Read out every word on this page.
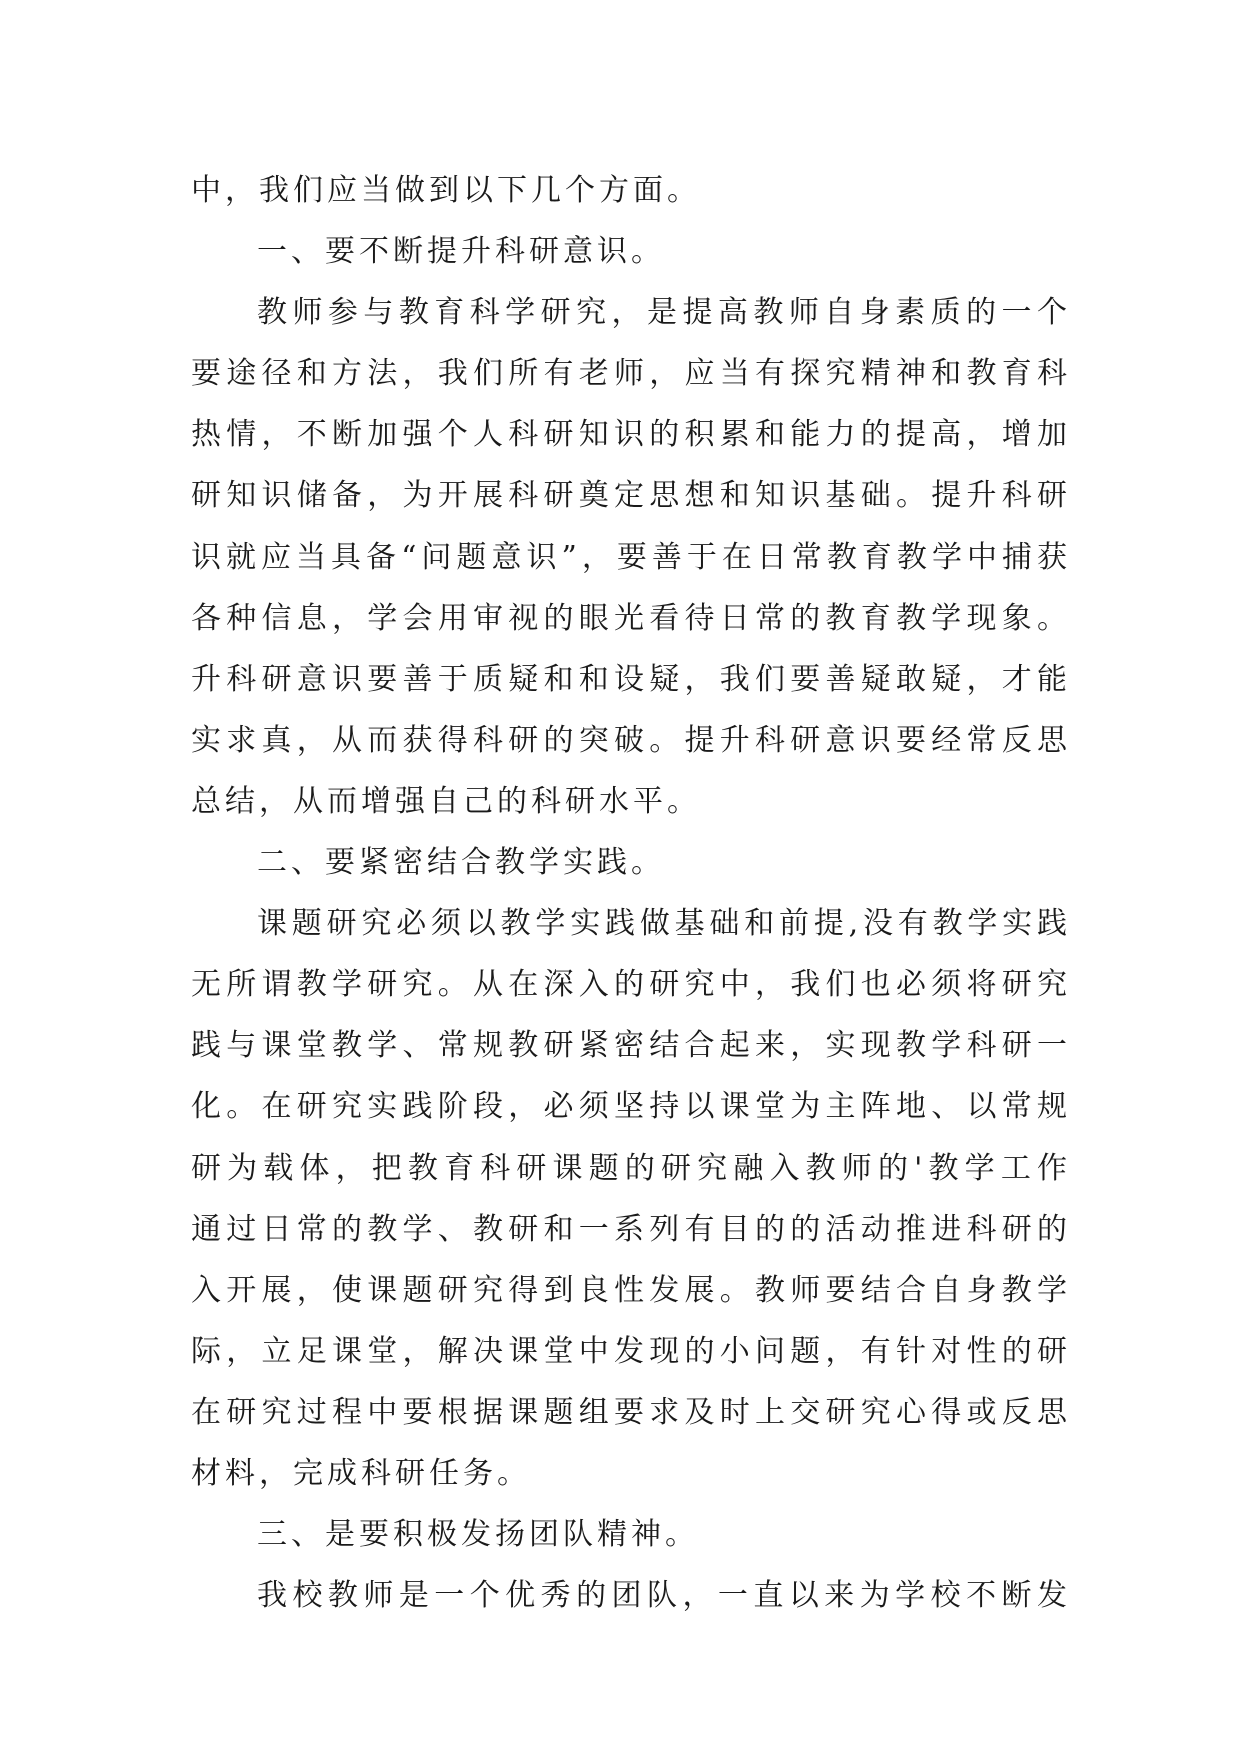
中，我们应当做到以下几个方面。
一、要不断提升科研意识。
教师参与教育科学研究，是提高教师自身素质的一个
要途径和方法，我们所有老师，应当有探究精神和教育科
热情，不断加强个人科研知识的积累和能力的提高，增加
研知识储备，为开展科研奠定思想和知识基础。提升科研
识就应当具备“问题意识”，要善于在日常教育教学中捕获
各种信息，学会用审视的眼光看待日常的教育教学现象。
升科研意识要善于质疑和和设疑，我们要善疑敢疑，才能
实求真，从而获得科研的突破。提升科研意识要经常反思
总结，从而增强自己的科研水平。
二、要紧密结合教学实践。
课题研究必须以教学实践做基础和前提,没有教学实践
无所谓教学研究。从在深入的研究中，我们也必须将研究
践与课堂教学、常规教研紧密结合起来，实现教学科研一
化。在研究实践阶段，必须坚持以课堂为主阵地、以常规
研为载体，把教育科研课题的研究融入教师的'教学工作
通过日常的教学、教研和一系列有目的的活动推进科研的
入开展，使课题研究得到良性发展。教师要结合自身教学
际，立足课堂，解决课堂中发现的小问题，有针对性的研
在研究过程中要根据课题组要求及时上交研究心得或反思
材料，完成科研任务。
三、是要积极发扬团队精神。
我校教师是一个优秀的团队，一直以来为学校不断发
